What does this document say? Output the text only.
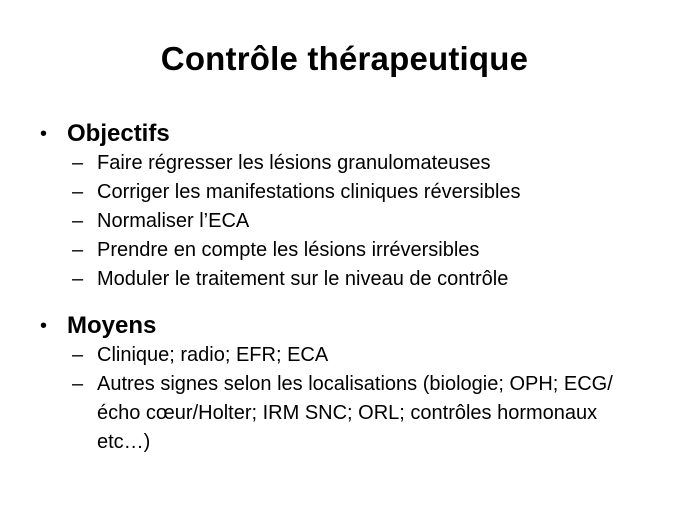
Contrôle thérapeutique
• Objectifs
– Faire régresser les lésions granulomateuses
– Corriger les manifestations cliniques réversibles
– Normaliser l’ECA
– Prendre en compte les lésions irréversibles
– Moduler le traitement sur le niveau de contrôle
• Moyens
– Clinique; radio; EFR; ECA
– Autres signes selon les localisations (biologie; OPH; ECG/écho cœur/Holter; IRM SNC; ORL; contrôles hormonaux etc…)
